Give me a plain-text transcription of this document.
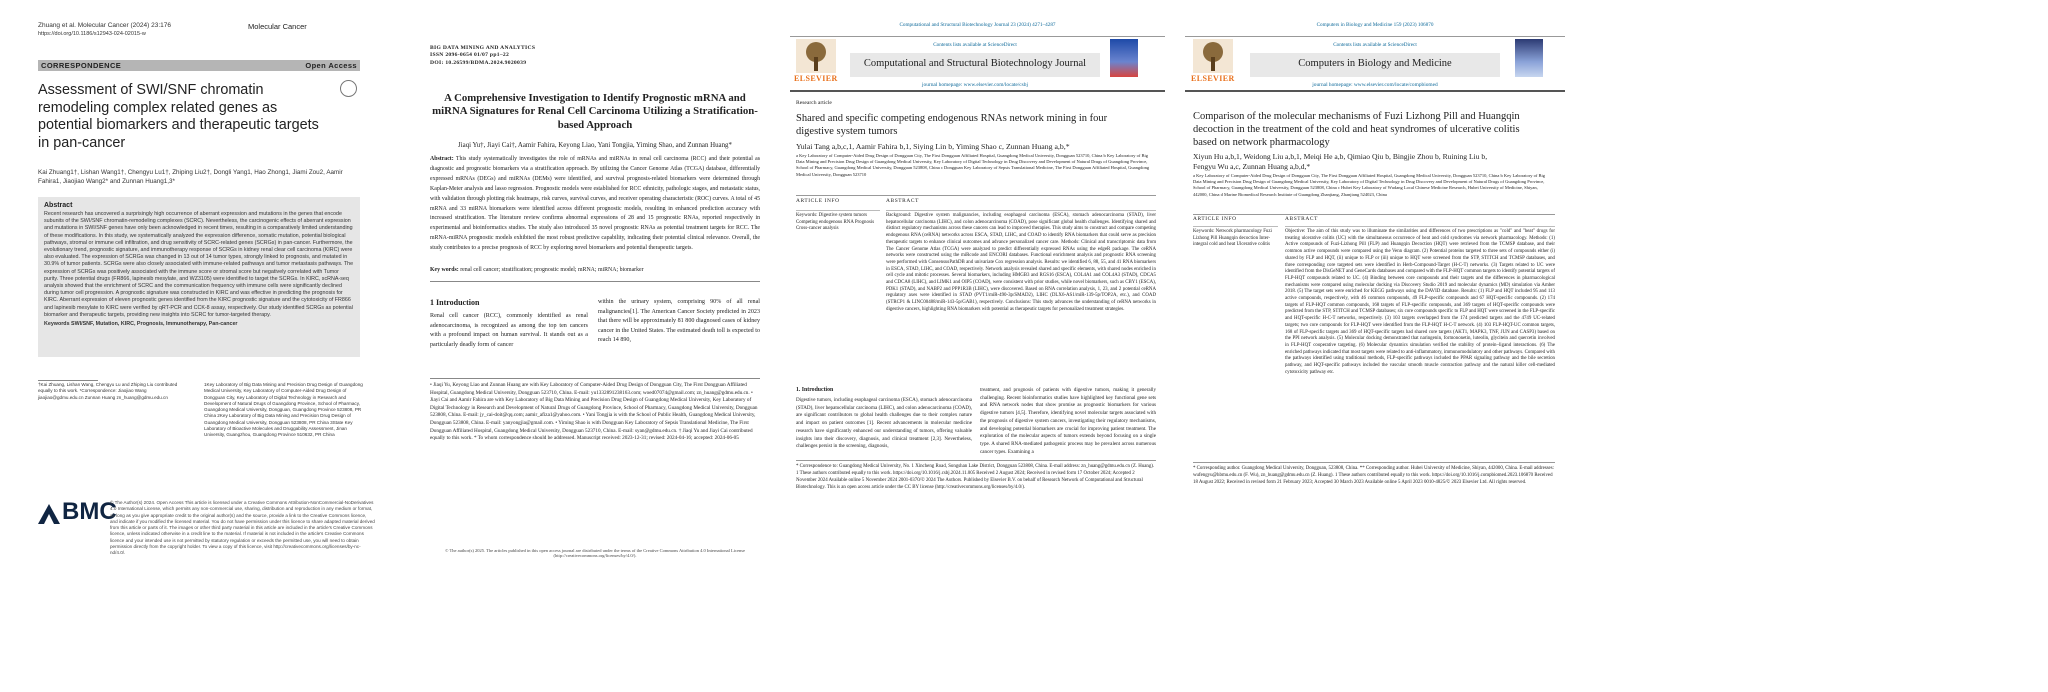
Zhuang et al. Molecular Cancer (2024) 23:176
https://doi.org/10.1186/s12943-024-02015-w
Molecular Cancer
CORRESPONDENCE	Open Access
Assessment of SWI/SNF chromatin remodeling complex related genes as potential biomarkers and therapeutic targets in pan-cancer
Kai Zhuang1†, Lishan Wang1†, Chengyu Lu1†, Zhiping Liu2†, Dongli Yang1, Hao Zhong1, Jiami Zou2, Aamir Fahira1, Jiaojiao Wang2* and Zunnan Huang1,3*
Abstract

Recent research has uncovered a surprisingly high occurrence of aberrant expression and mutations in the genes that encode subunits of the SWI/SNF chromatin-remodeling complexes (SCRC). Nevertheless, the carcinogenic effects of aberrant expression and mutations in SWI/SNF genes have only been acknowledged in recent times, resulting in a comparatively limited understanding of these modifications. In this study, we systematically analyzed the expression difference, somatic mutation, potential biological pathways, stromal or immune cell infiltration, and drug sensitivity of SCRC-related genes (SCRGs) in pan-cancer. Furthermore, the evolutionary trend, prognostic signature, and immunotherapy response of SCRGs in kidney renal clear cell carcinoma (KIRC) were also evaluated. The expression of SCRGs was changed in 13 out of 14 tumor types, strongly linked to prognosis, and mutated in 30.9% of tumor patients. SCRGs were also closely associated with immune-related pathways and tumor metastasis pathways. The expression of SCRGs was positively associated with the immune score or stromal score but negatively correlated with Tumor purity. Three potential drugs (FR866, lapinesib mesylate, and WZ3105) were identified to target the SCRGs. In KIRC, scRNA-seq analysis showed that the enrichment of SCRC and the communication frequency with immune cells were significantly declined during tumor cell progression. A prognostic signature was constructed in KIRC and was effective in predicting the prognosis for KIRC. Aberrant expression of eleven prognostic genes identified from the KIRC prognostic signature and the cytotoxicity of FR866 and lapinesib mesylate to KIRC were verified by qRT-PCR and CCK-8 assay, respectively. Our study identified SCRGs as potential biomarker and therapeutic targets, providing new insights into SCRC for tumor-targeted therapy.

Keywords SWI/SNF, Mutation, KIRC, Prognosis, Immunotherapy, Pan-cancer

†Kai Zhuang, Lishan Wang, Chengyu Lu and Zhiping Liu contributed equally to this work. *Correspondence: Jiaojiao Wang jiaojiao@gdmu.edu.cn Zunnan Huang zn_huang@gdmu.edu.cn
1Key Laboratory of Big Data Mining and Precision Drug Design of Guangdong Medical University, Key Laboratory of Computer-Aided Drug Design of Dongguan City, Key Laboratory of Digital Technology in Research and Development of Natural Drugs of Guangdong Province, School of Pharmacy, Guangdong Medical University, Dongguan, Guangdong Province 523808, PR China 2Key Laboratory of Big Data Mining and Precision Drug Design of Guangdong Medical University, Dongguan 523808, PR China 3State Key Laboratory of Bioactive Molecules and Druggability Assessment, Jinan University, Guangzhou, Guangdong Province 510632, PR China
BMC
© The Author(s) 2024. Open Access This article is licensed under a Creative Commons Attribution-NonCommercial-NoDerivatives 4.0 International License, which permits any non-commercial use, sharing, distribution and reproduction in any medium or format, as long as you give appropriate credit to the original author(s) and the source, provide a link to the Creative Commons licence, and indicate if you modified the licensed material. You do not have permission under this licence to share adapted material derived from this article or parts of it. The images or other third party material in this article are included in the article's Creative Commons licence, unless indicated otherwise in a credit line to the material. If material is not included in the article's Creative Commons licence and your intended use is not permitted by statutory regulation or exceeds the permitted use, you will need to obtain permission directly from the copyright holder. To view a copy of this licence, visit http://creativecommons.org/licenses/by-nc-nd/4.0/.
BIG DATA MINING AND ANALYTICS
ISSN 2096-0654 01/07 pp1–22
DOI: 10.26599/BDMA.2024.9020039
A Comprehensive Investigation to Identify Prognostic mRNA and miRNA Signatures for Renal Cell Carcinoma Utilizing a Stratification-based Approach
Jiaqi Yu†, Jiayi Cai†, Aamir Fahira, Keyong Liao, Yani Tongjia, Yiming Shao, and Zunnan Huang*
Abstract: This study systematically investigates the role of mRNAs and miRNAs in renal cell carcinoma (RCC) and their potential as diagnostic and prognostic biomarkers via a stratification approach. By utilizing the Cancer Genome Atlas (TCGA) database, differentially expressed mRNAs (DEGs) and miRNAs (DEMs) were identified, and survival prognosis-related biomarkers were determined through Kaplan-Meier analysis and lasso regression. Prognostic models were established for RCC ethnicity, pathologic stages, and metastatic status, with validation through plotting risk heatmaps, risk curves, survival curves, and receiver operating characteristic (ROC) curves. A total of 45 mRNA and 33 miRNA biomarkers were identified across different prognostic models, resulting in enhanced prediction accuracy with increased stratification. The literature review confirms abnormal expressions of 28 and 15 prognostic RNAs, reported respectively in experimental and bioinformatics studies. The study also introduced 35 novel prognostic RNAs as potential treatment targets for RCC. The mRNA-miRNA prognostic models exhibited the most robust predictive capability, indicating their potential clinical relevance. Overall, the study contributes to a precise prognosis of RCC by exploring novel biomarkers and potential therapeutic targets.
Key words: renal cell cancer; stratification; prognostic model; mRNA; miRNA; biomarker
1 Introduction
Renal cell cancer (RCC), commonly identified as renal adenocarcinoma, is recognized as among the top ten cancers with a profound impact on human survival. It stands out as a particularly deadly form of cancer
within the urinary system, comprising 90% of all renal malignancies[1]. The American Cancer Society predicted in 2023 that there will be approximately 81 800 diagnosed cases of kidney cancer in the United States. The estimated death toll is expected to reach 14 890,
• Jiaqi Yu, Keyong Liao and Zunnan Huang are with Key Laboratory of Computer-Aided Drug Design of Dongguan City, The First Dongguan Affiliated Hospital, Guangdong Medical University, Dongguan 523710, China. E-mail: yu1332891238163.com; woed07074@gmail.com; zn_huang@gdmu.edu.cn. • Jiayi Cai and Aamir Fahira are with Key Laboratory of Big Data Mining and Precision Drug Design of Guangdong Medical University, Key Laboratory of Digital Technology in Research and Development of Natural Drugs of Guangdong Province, School of Pharmacy, Guangdong Medical University, Dongguan 523808, China. E-mail: jy_cai-doit@qq.com; aamir_afiza1@yahoo.com. • Yani Tongjia is with the School of Public Health, Guangdong Medical University, Dongguan 523808, China. E-mail: yanyongjia@gmail.com. • Yiming Shao is with Dongguan Key Laboratory of Sepsis Translational Medicine, The First Dongguan Affiliated Hospital, Guangdong Medical University, Dongguan 523710, China. E-mail: syan@gdmu.edu.cn. † Jiaqi Yu and Jiayi Cai contributed equally to this work. * To whom correspondence should be addressed. Manuscript received: 2023-12-31; revised: 2024-04-16; accepted: 2024-06-05
© The author(s) 2025. The articles published in this open access journal are distributed under the terms of the Creative Commons Attribution 4.0 International License (http://creativecommons.org/licenses/by/4.0/).
Computational and Structural Biotechnology Journal 23 (2024) 4271–4287
ELSEVIER
Contents lists available at ScienceDirect
Computational and Structural Biotechnology Journal
journal homepage: www.elsevier.com/locate/csbj
Research article
Shared and specific competing endogenous RNAs network mining in four digestive system tumors
Yulai Tang a,b,c,1, Aamir Fahira b,1, Siying Lin b, Yiming Shao c, Zunnan Huang a,b,*
a Key Laboratory of Computer-Aided Drug Design of Dongguan City, The First Dongguan Affiliated Hospital, Guangdong Medical University, Dongguan 523710, China b Key Laboratory of Big Data Mining and Precision Drug Design of Guangdong Medical University, Key Laboratory of Digital Technology in Drug Discovery and Development of Natural Drugs of Guangdong Province, School of Pharmacy, Guangdong Medical University, Dongguan 523808, China c Dongguan Key Laboratory of Sepsis Translational Medicine, The First Dongguan Affiliated Hospital, Guangdong Medical University, Dongguan 523710
ARTICLE INFO	ABSTRACT
Keywords: Digestive system tumors Competing endogenous RNA Prognosis Cross-cancer analysis
Background: Digestive system malignancies, including esophageal carcinoma (ESCA), stomach adenocarcinoma (STAD), liver hepatocellular carcinoma (LIHC), and colon adenocarcinoma (COAD), pose significant global health challenges. Identifying shared and distinct regulatory mechanisms across these cancers can lead to improved therapies. This study aims to construct and compare competing endogenous RNA (ceRNA) networks across ESCA, STAD, LIHC, and COAD to identify RNA biomarkers that could serve as precision therapeutic targets to enhance clinical outcomes and advance personalized cancer care. Methods: Clinical and transcriptomic data from The Cancer Genome Atlas (TCGA) were analyzed to predict differentially expressed RNAs using the edgeR package. The ceRNA networks were constructed using the miRcode and ENCORI databases. Functional enrichment analysis and prognostic RNA screening were performed with ConsensusPathDB and univariate Cox regression analysis. Results: we identified 6, 88, 55, and 41 RNA biomarkers in ESCA, STAD, LIHC, and COAD, respectively. Network analysis revealed shared and specific elements, with shared nodes enriched in cell cycle and mitotic processes. Several biomarkers, including HMGB3 and RGS16 (ESCA), COL4A1 and COL4A3 (STAD), CDCA5 and CDCA8 (LIHC), and LIMK1 and OIP5 (COAD), were consistent with prior studies, while novel biomarkers, such as CBY1 (ESCA), PDK1 (STAD), and NABP2 and PPP1R3B (LIHC), were discovered. Based on RNA correlation analysis, 1, 23, and 2 potential ceRNA regulatory axes were identified in STAD (PVT1/miR-490-3p/SMAD2), LIHC (DLX6-AS1/miR-139-5p/TOP2A, etc.), and COAD (STRCP1 & LINC00488/miR-143-5p/GAB1), respectively. Conclusions: This study advances the understanding of ceRNA networks in digestive cancers, highlighting RNA biomarkers with potential as therapeutic targets for personalized treatment strategies.
1. Introduction
Digestive tumors, including esophageal carcinoma (ESCA), stomach adenocarcinoma (STAD), liver hepatocellular carcinoma (LIHC), and colon adenocarcinoma (COAD), are significant contributors to global health challenges due to their complex nature and impact on patient outcomes [1]. Recent advancements in molecular medicine research have significantly enhanced our understanding of tumors, offering valuable insights into their discovery, diagnosis, and clinical treatment [2,3]. Nevertheless, challenges persist in the screening, diagnosis,
treatment, and prognosis of patients with digestive tumors, making it generally challenging. Recent bioinformatics studies have highlighted key functional gene sets and RNA network nodes that show promise as prognostic biomarkers for various digestive tumors [4,5]. Therefore, identifying novel molecular targets associated with the prognosis of digestive system cancers, investigating their regulatory mechanisms, and developing potential biomarkers are crucial for improving patient treatment. The exploration of the molecular aspects of tumors extends beyond focusing on a single type. A shared RNA-mediated pathogenic process may be prevalent across numerous cancer types. Examining a
* Correspondence to: Guangdong Medical University, No. 1 Xincheng Road, Songshan Lake District, Dongguan 523808, China. E-mail address: zn_huang@gdmu.edu.cn (Z. Huang). 1 These authors contributed equally to this work. https://doi.org/10.1016/j.csbj.2024.11.005 Received 2 August 2024; Received in revised form 17 October 2024; Accepted 2 November 2024 Available online 5 November 2024 2001-0370/© 2024 The Authors. Published by Elsevier B.V. on behalf of Research Network of Computational and Structural Biotechnology. This is an open access article under the CC BY license (http://creativecommons.org/licenses/by/4.0/).
Computers in Biology and Medicine 159 (2023) 106870
ELSEVIER
Contents lists available at ScienceDirect
Computers in Biology and Medicine
journal homepage: www.elsevier.com/locate/compbiomed
Comparison of the molecular mechanisms of Fuzi Lizhong Pill and Huangqin decoction in the treatment of the cold and heat syndromes of ulcerative colitis based on network pharmacology
Xiyun Hu a,b,1, Weidong Liu a,b,1, Meiqi He a,b, Qimiao Qiu b, Bingjie Zhou b, Ruining Liu b, Fengyu Wu a,c, Zunnan Huang a,b,d,*
a Key Laboratory of Computer-Aided Drug Design of Dongguan City, The First Dongguan Affiliated Hospital, Guangdong Medical University, Dongguan 523710, China b Key Laboratory of Big Data Mining and Precision Drug Design of Guangdong Medical University, Key Laboratory of Digital Technology in Drug Discovery and Development of Natural Drugs of Guangdong Province, School of Pharmacy, Guangdong Medical University, Dongguan 523808, China c Hubei Key Laboratory of Wudang Local Chinese Medicine Research, Hubei University of Medicine, Shiyan, 442000, China d Marine Biomedical Research Institute of Guangdong Zhanjiang, Zhanjiang 524023, China
ARTICLE INFO	ABSTRACT
Keywords: Network pharmacology Fuzi Lizhong Pill Huangqin decoction Inter-integral cold and heat Ulcerative colitis
Objective: The aim of this study was to illuminate the similarities and differences of two prescriptions as "cold" and "heat" drugs for treating ulcerative colitis (UC) with the simultaneous occurrence of heat and cold syndromes via network pharmacology. Methods: (1) Active compounds of Fuzi-Lizhong Pill (FLP) and Huangqin Decoction (HQT) were retrieved from the TCMSP database, and their common active compounds were compared using the Venn diagram. (2) Potential proteins targeted to three sets of compounds either (i) shared by FLP and HQT, (ii) unique to FLP or (iii) unique to HQT were screened from the STP, STITCH and TCMSP databases, and three corresponding core targeted sets were identified in Herb-Compound-Target (H-C-T) networks. (3) Targets related to UC were identified from the DisGeNET and GeneCards databases and compared with the FLP-HQT common targets to identify potential targets of FLP-HQT compounds related to UC. (4) Binding between core compounds and their targets and the differences in pharmacological mechanisms were compared using molecular docking via Discovery Studio 2019 and molecular dynamics (MD) simulation via Amber 2018. (5) The target sets were enriched for KEGG pathways using the DAVID database. Results: (1) FLP and HQT included 95 and 113 active compounds, respectively, with 46 common compounds, 49 FLP-specific compounds and 67 HQT-specific compounds. (2) 174 targets of FLP-HQT common compounds, 168 targets of FLP-specific compounds, and 369 targets of HQT-specific compounds were predicted from the STP, STITCH and TCMSP databases; six core compounds specific to FLP and HQT were screened in the FLP-specific and HQT-specific H-C-T networks, respectively. (3) 103 targets overlapped from the 174 predicted targets and the 4749 UC-related targets; two core compounds for FLP-HQT were identified from the FLP-HQT H-C-T network. (4) 103 FLP-HQT-UC common targets, 168 of FLP-specific targets and 369 of HQT-specific targets had shared core targets (AKT1, MAPK3, TNF, JUN and CASP3) based on the PPI network analysis. (5) Molecular docking demonstrated that naringenin, formononetin, luteolin, glycitein and quercetin involved in FLP-HQT cooperative targeting. (6) Molecular dynamics simulation verified the stability of protein–ligand interactions. (6) The enriched pathways indicated that most targets were related to anti-inflammatory, immunomodulatory and other pathways. Compared with the pathways identified using traditional methods, FLP-specific pathways included the PPAR signaling pathway and the bile secretion pathway, and HQT-specific pathways included the vascular smooth muscle contraction pathway and the natural killer cell-mediated cytotoxicity pathway etc.
* Corresponding author. Guangdong Medical University, Dongguan, 523808, China. ** Corresponding author. Hubei University of Medicine, Shiyan, 442000, China. E-mail addresses: wufengyu@hbmu.edu.cn (F. Wu), zn_huang@gdmu.edu.cn (Z. Huang). 1 These authors contributed equally to this work. https://doi.org/10.1016/j.compbiomed.2023.106870 Received 18 August 2022; Received in revised form 21 February 2023; Accepted 30 March 2023 Available online 5 April 2023 0010-4825/© 2023 Elsevier Ltd. All rights reserved.
